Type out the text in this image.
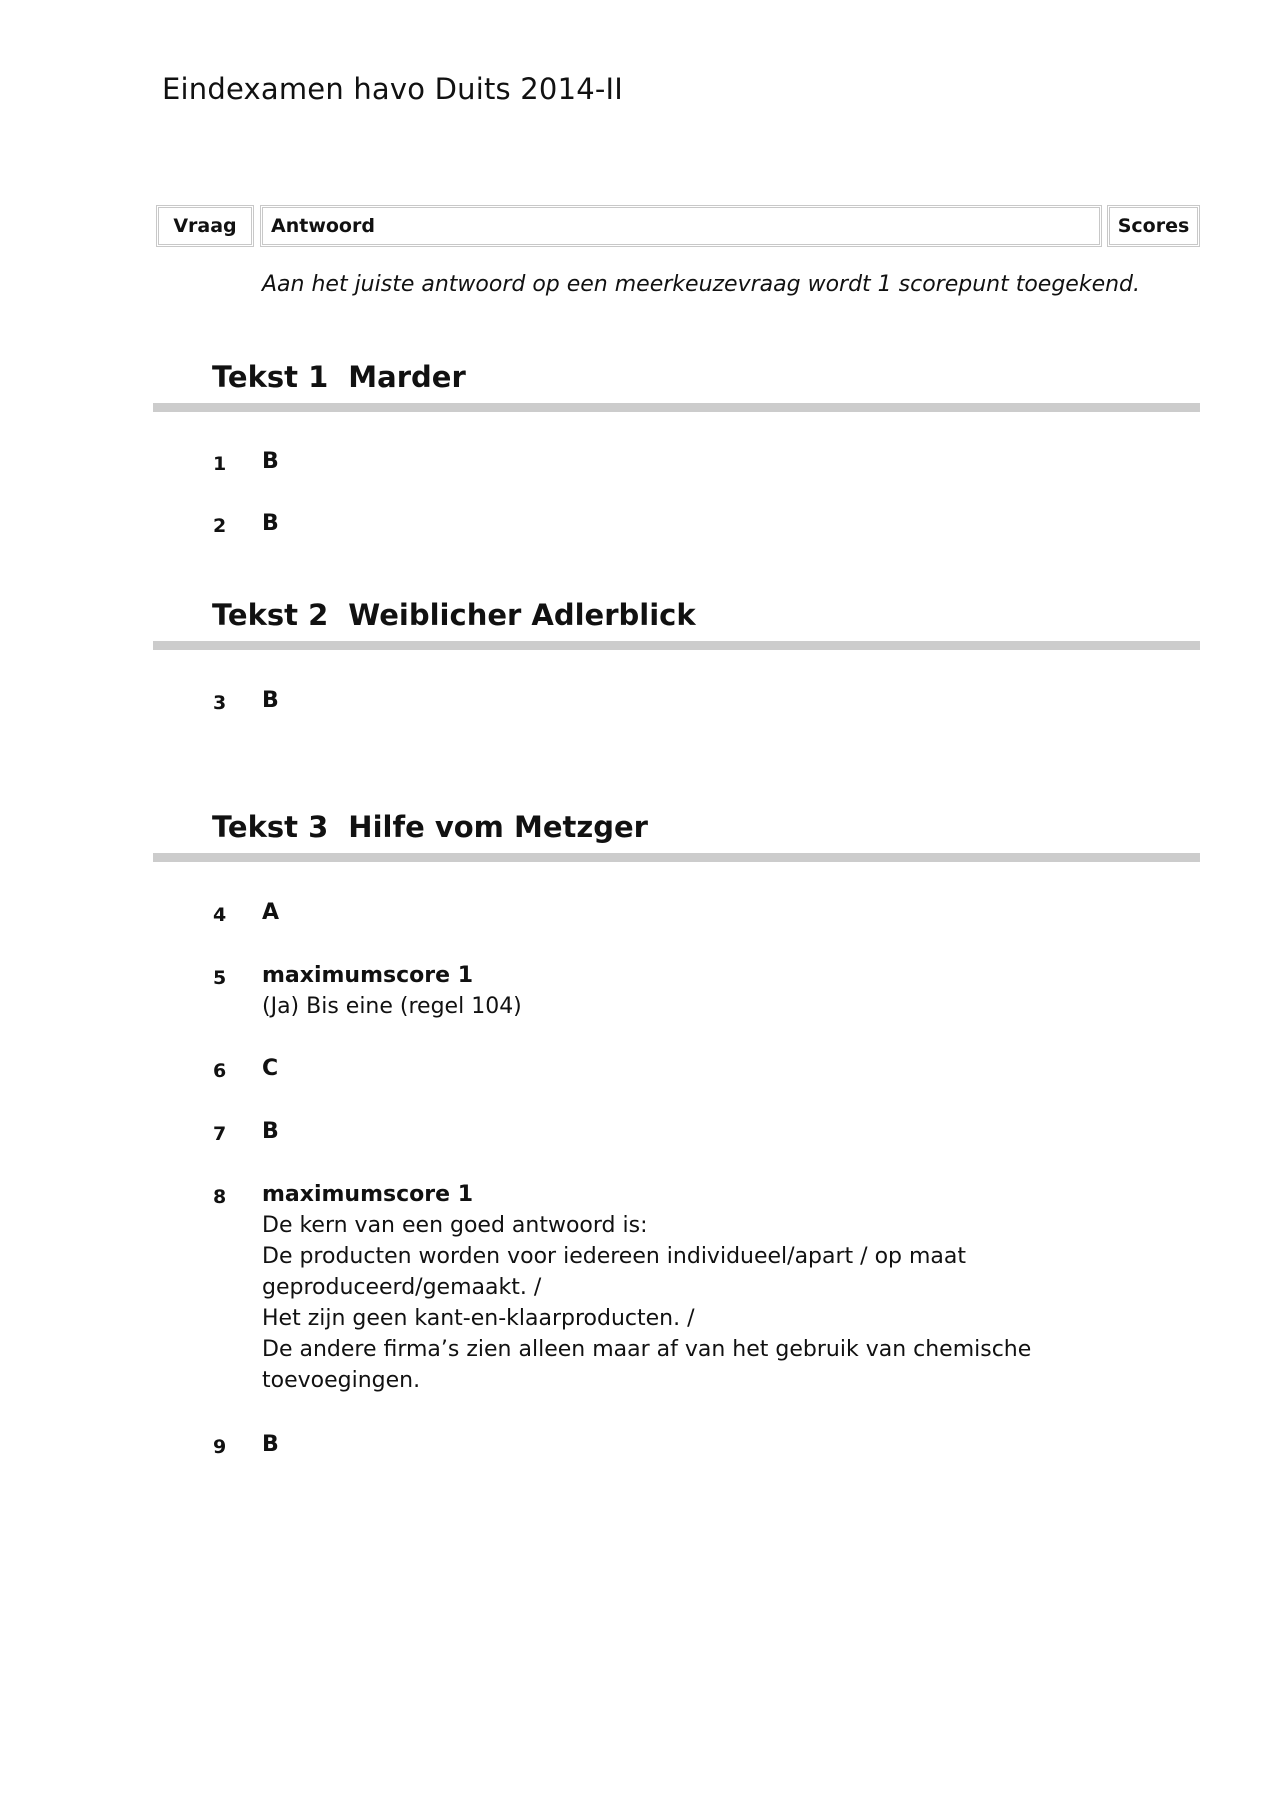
Eindexamen havo Duits 2014-II
Vraag	Antwoord	Scores
Aan het juiste antwoord op een meerkeuzevraag wordt 1 scorepunt toegekend.
Tekst 1 Marder
1 B
2 B
Tekst 2 Weiblicher Adlerblick
3 B
Tekst 3 Hilfe vom Metzger
4 A
5 maximumscore 1
(Ja) Bis eine (regel 104)
6 C
7 B
8 maximumscore 1
De kern van een goed antwoord is:
De producten worden voor iedereen individueel/apart / op maat
geproduceerd/gemaakt. /
Het zijn geen kant-en-klaarproducten. /
De andere firma’s zien alleen maar af van het gebruik van chemische
toevoegingen.
9 B
